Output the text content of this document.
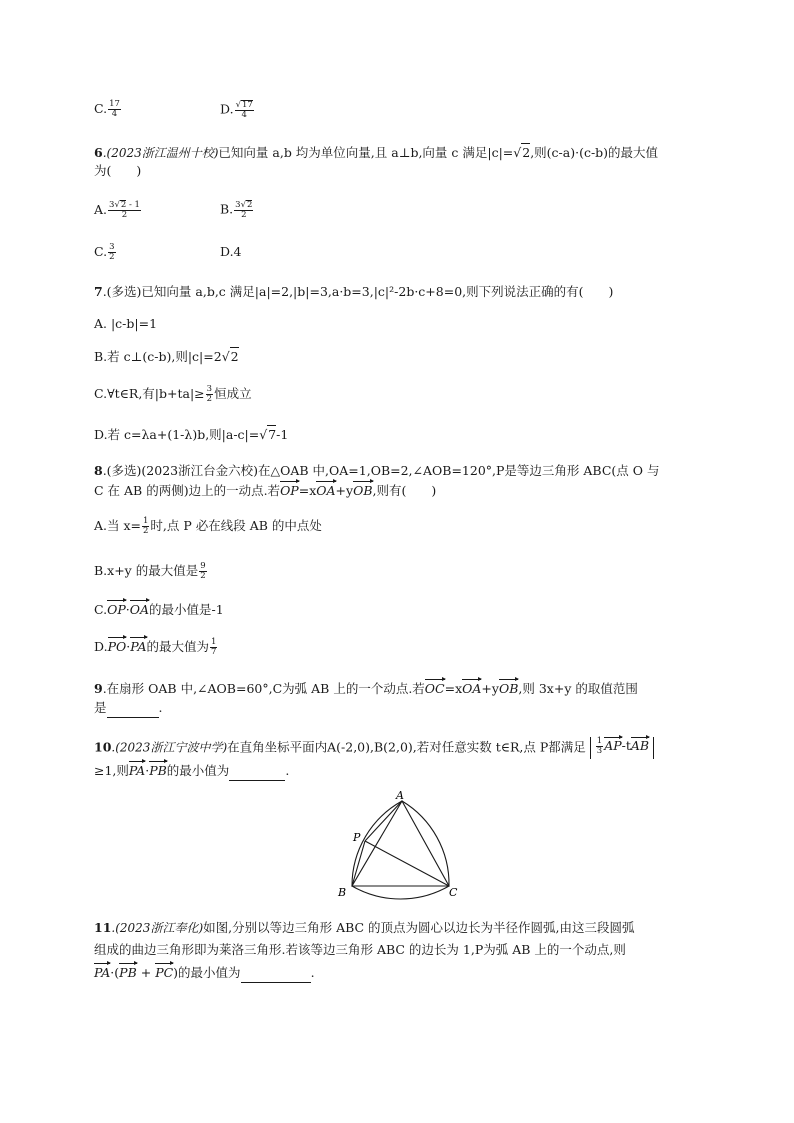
C. $\frac{17}{4}$	D. $\frac{√17}{4}$
6.(2023浙江温州十校)已知向量 a,b 均为单位向量,且 a⊥b,向量 c 满足|c|=√2,则(c-a)·(c-b)的最大值
为(　　)
A. $\frac{3√2 - 1}{2}$	B. $\frac{3√2}{2}$
C. $\frac{3}{2}$	D.4
7.(多选)已知向量 a,b,c 满足|a|=2,|b|=3,a·b=3,|c|²-2b·c+8=0,则下列说法正确的有(　　)
A. |c-b|=1
B.若 c⊥(c-b),则|c|=2√2
C.∀t∈R,有$|b+ta|\ge \frac{3}{2}$ 恒成立
D.若 c=λa+(1-λ)b,则|a-c|=√7-1
8.(多选)(2023浙江台金六校)在△OAB 中,OA=1,OB=2,∠AOB=120°,P是等边三角形 ABC(点 O 与
C 在 AB 的两侧)边上的一动点.若OP=xOA+yOB,则有(　　)
A.当 $x= \frac{1}{2}$ 时,点 P 必在线段 AB 的中点处
B.x+y 的最大值是 $\frac{9}{2}$
C.OP·OA的最小值是-1
D.PO·PA的最大值为 $\frac{1}{7}$
9.在扇形 OAB 中,∠AOB=60°,C为弧 AB 上的一个动点.若OC=xOA+yOB,则 3x+y 的取值范围
是	.
10.(2023浙江宁波中学)在直角坐标平面内A(-2,0),B(2,0),若对任意实数 t∈R,点 P都满足 $\frac{1}{3} AP-tAB$
≥1,则PA·PB的最小值为	.
A
B	C
P
11.(2023浙江奉化)如图,分别以等边三角形 ABC 的顶点为圆心以边长为半径作圆弧,由这三段圆弧
组成的曲边三角形即为莱洛三角形.若该等边三角形 ABC 的边长为 1,P为弧 AB 上的一个动点,则
PA·(PB + PC)的最小值为	.
